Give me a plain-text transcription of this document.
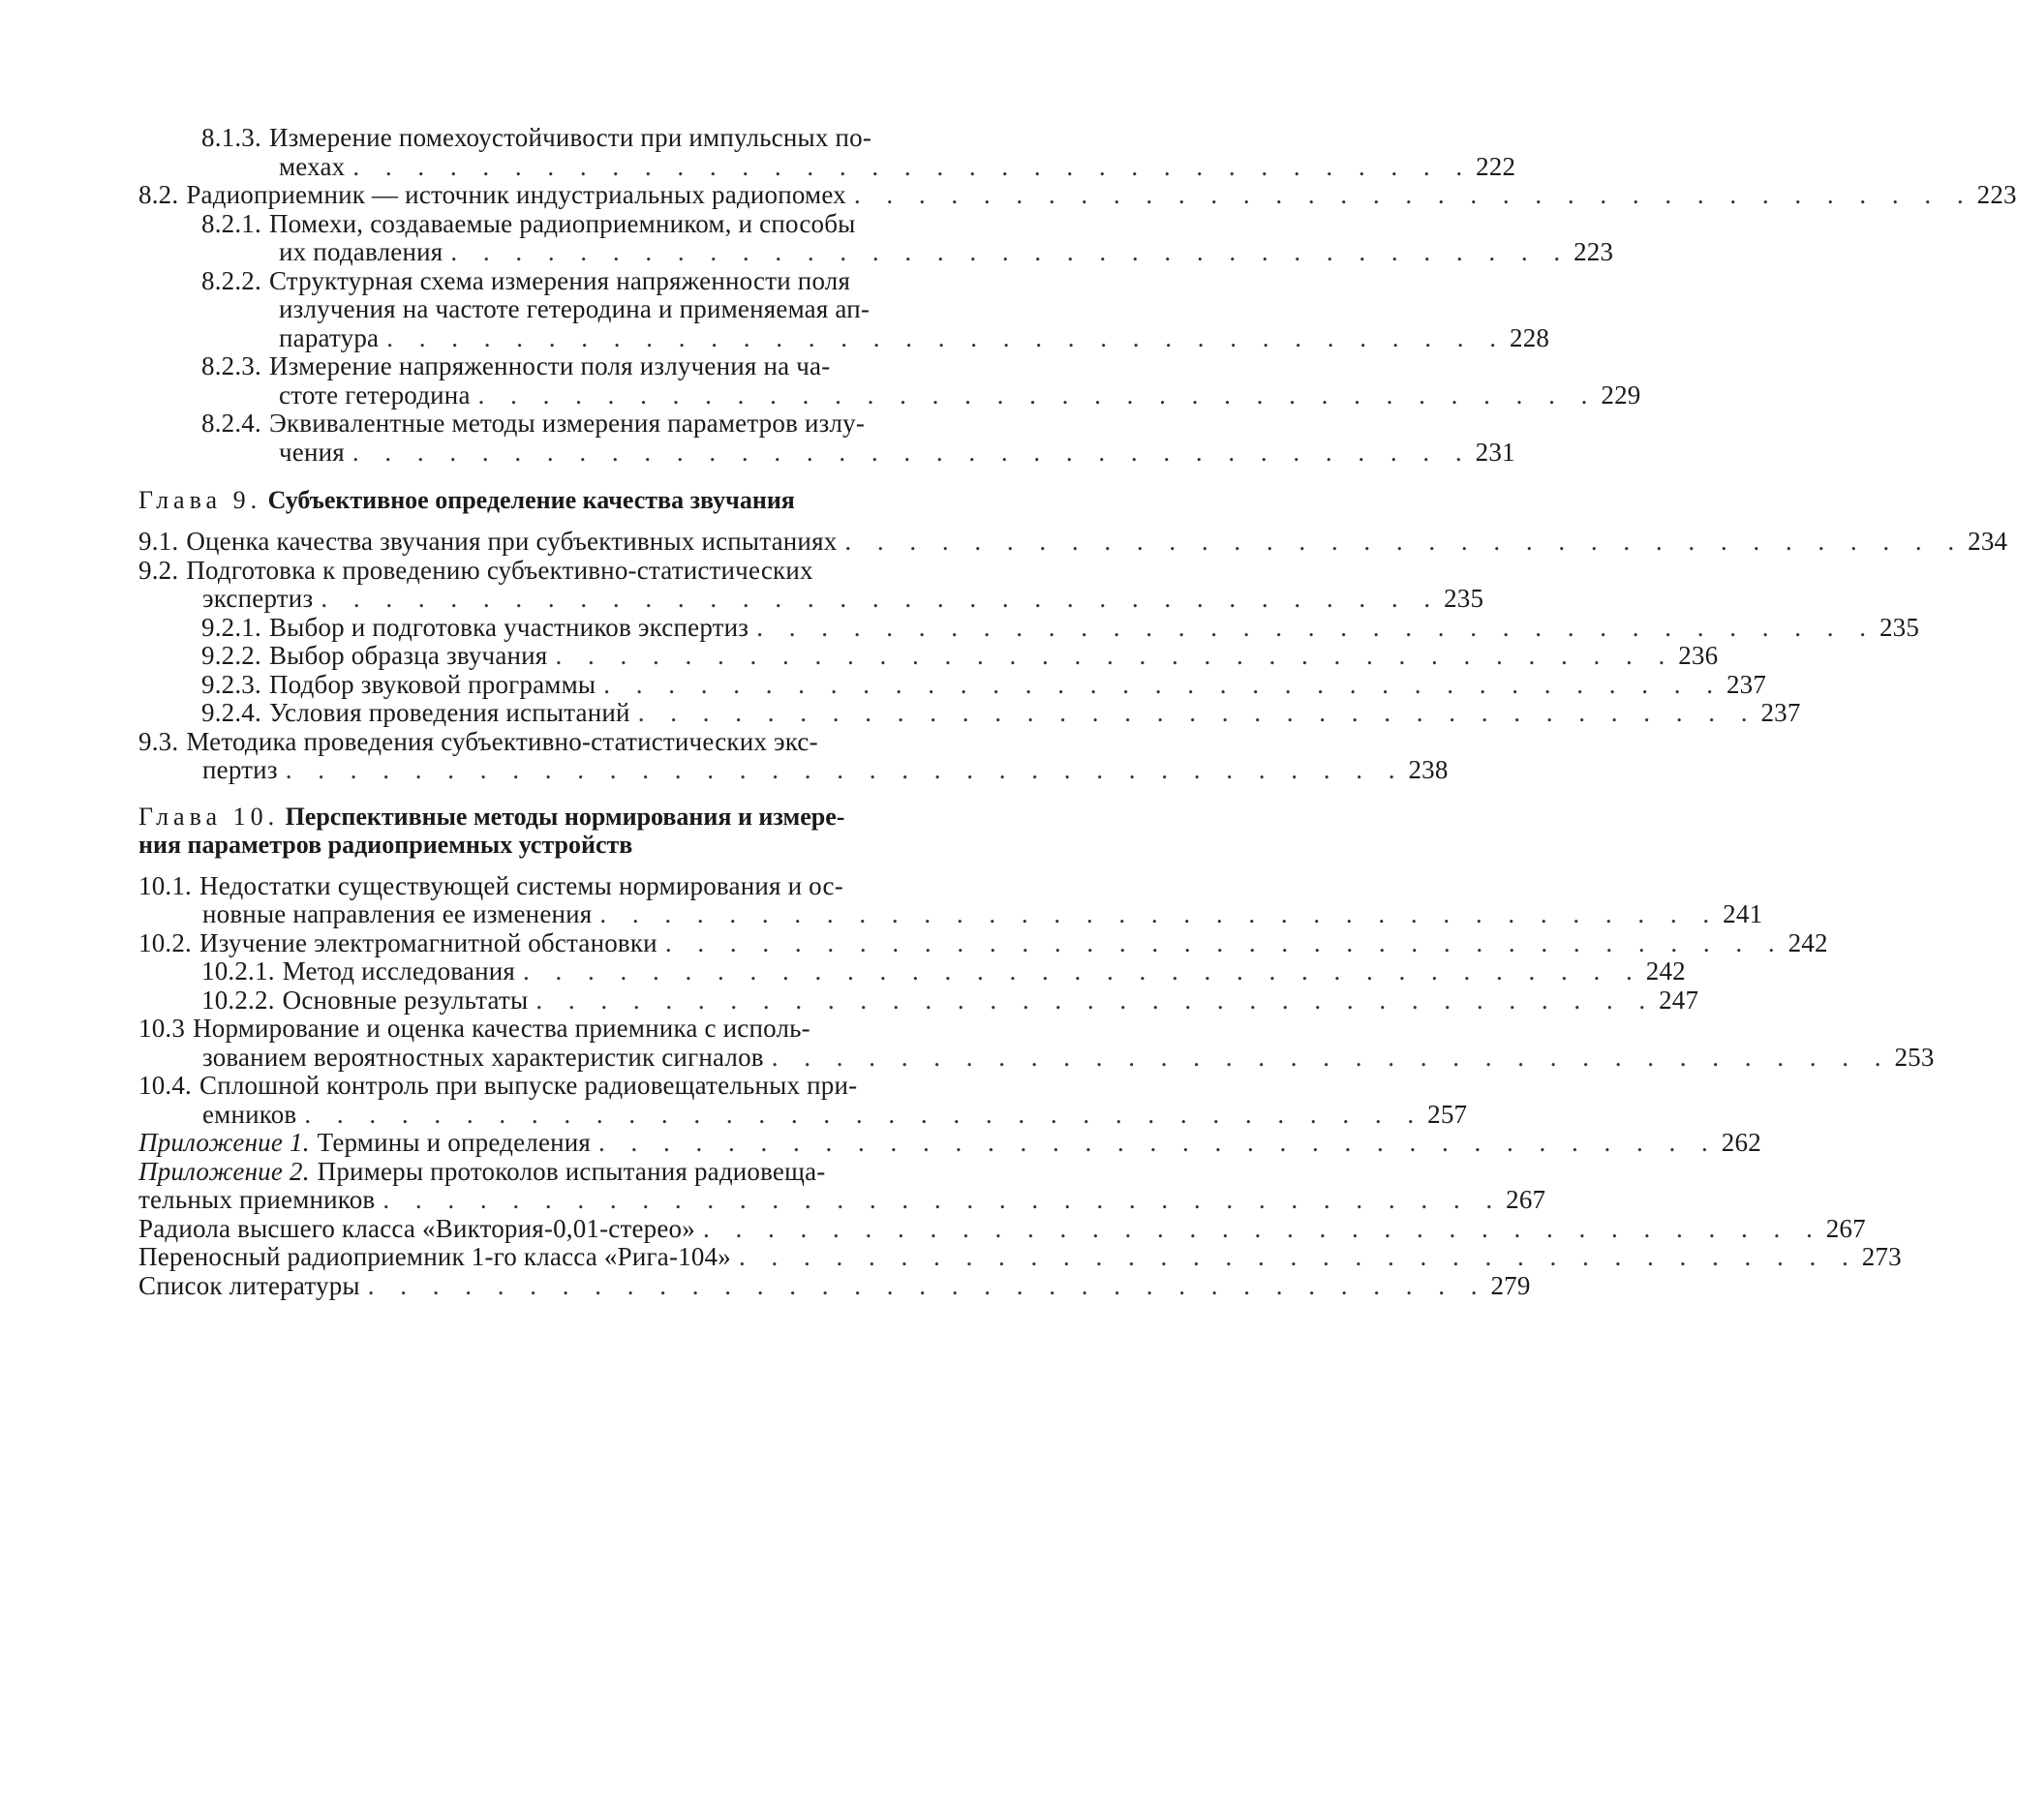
8.1.3. Измерение помехоустойчивости при импульсных по-
мехах . . . . . . . . . . . . . . . . . . . . . . . . . . . . . . . . . . . 222
8.2. Радиоприемник — источник индустриальных радиопомех . . . . . . . . . . . . . . . . . . . . . . . . . . . . . . . . . . . 223
8.2.1. Помехи, создаваемые радиоприемником, и способы
их подавления . . . . . . . . . . . . . . . . . . . . . . . . . . . . . . . . . . . 223
8.2.2. Структурная схема измерения напряженности поля
излучения на частоте гетеродина и применяемая ап-
паратура . . . . . . . . . . . . . . . . . . . . . . . . . . . . . . . . . . . 228
8.2.3. Измерение напряженности поля излучения на ча-
стоте гетеродина . . . . . . . . . . . . . . . . . . . . . . . . . . . . . . . . . . . 229
8.2.4. Эквивалентные методы измерения параметров излу-
чения . . . . . . . . . . . . . . . . . . . . . . . . . . . . . . . . . . . 231
Глава 9. Субъективное определение качества звучания
9.1. Оценка качества звучания при субъективных испытаниях . . . . . . . . . . . . . . . . . . . . . . . . . . . . . . . . . . . 234
9.2. Подготовка к проведению субъективно-статистических
экспертиз . . . . . . . . . . . . . . . . . . . . . . . . . . . . . . . . . . . 235
9.2.1. Выбор и подготовка участников экспертиз . . . . . . . . . . . . . . . . . . . . . . . . . . . . . . . . . . . 235
9.2.2. Выбор образца звучания . . . . . . . . . . . . . . . . . . . . . . . . . . . . . . . . . . . 236
9.2.3. Подбор звуковой программы . . . . . . . . . . . . . . . . . . . . . . . . . . . . . . . . . . . 237
9.2.4. Условия проведения испытаний . . . . . . . . . . . . . . . . . . . . . . . . . . . . . . . . . . . 237
9.3. Методика проведения субъективно-статистических экс-
пертиз . . . . . . . . . . . . . . . . . . . . . . . . . . . . . . . . . . . 238
Глава 10. Перспективные методы нормирования и измере-
ния параметров радиоприемных устройств
10.1. Недостатки существующей системы нормирования и ос-
новные направления ее изменения . . . . . . . . . . . . . . . . . . . . . . . . . . . . . . . . . . . 241
10.2. Изучение электромагнитной обстановки . . . . . . . . . . . . . . . . . . . . . . . . . . . . . . . . . . . 242
10.2.1. Метод исследования . . . . . . . . . . . . . . . . . . . . . . . . . . . . . . . . . . . 242
10.2.2. Основные результаты . . . . . . . . . . . . . . . . . . . . . . . . . . . . . . . . . . . 247
10.3 Нормирование и оценка качества приемника с исполь-
зованием вероятностных характеристик сигналов . . . . . . . . . . . . . . . . . . . . . . . . . . . . . . . . . . . 253
10.4. Сплошной контроль при выпуске радиовещательных при-
емников . . . . . . . . . . . . . . . . . . . . . . . . . . . . . . . . . . . 257
Приложение 1. Термины и определения . . . . . . . . . . . . . . . . . . . . . . . . . . . . . . . . . . . 262
Приложение 2. Примеры протоколов испытания радиовеща-
тельных приемников . . . . . . . . . . . . . . . . . . . . . . . . . . . . . . . . . . . 267
Радиола высшего класса «Виктория-0,01-стерео» . . . . . . . . . . . . . . . . . . . . . . . . . . . . . . . . . . . 267
Переносный радиоприемник 1-го класса «Рига-104» . . . . . . . . . . . . . . . . . . . . . . . . . . . . . . . . . . . 273
Список литературы . . . . . . . . . . . . . . . . . . . . . . . . . . . . . . . . . . . 279
